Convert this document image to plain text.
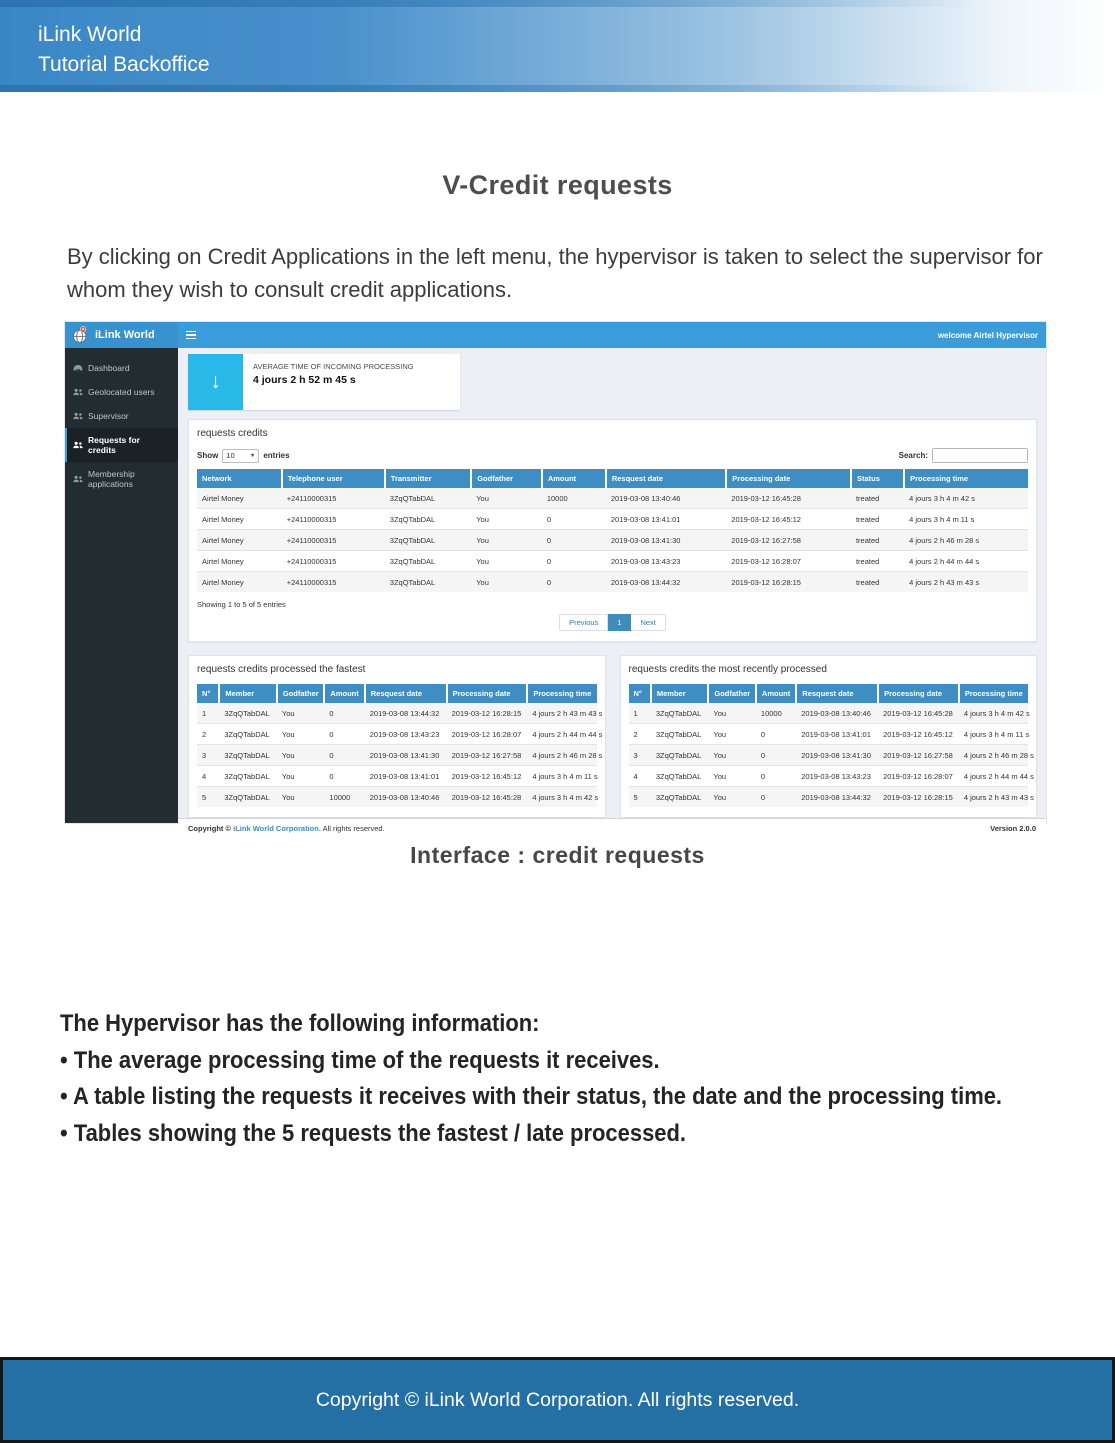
iLink World
Tutorial Backoffice
V-Credit requests
By clicking on Credit Applications in the left menu, the hypervisor is taken to select the supervisor for whom they wish to consult credit applications.
iLink World	welcome Airtel Hypervisor
Dashboard
Geolocated users
Supervisor
Requests for credits
Membership applications
↓
AVERAGE TIME OF INCOMING PROCESSING
4 jours 2 h 52 m 45 s
requests credits
Show 10	▼ entries	Search:
Network	Telephone user	Transmitter	Godfather	Amount	Resquest date	Processing date	Status	Processing time
Airtel Money	+24110000315	3ZqQTabDAL	You	10000	2019-03-08 13:40:46	2019-03-12 16:45:28	treated	4 jours 3 h 4 m 42 s
Airtel Money	+24110000315	3ZqQTabDAL	You	0	2019-03-08 13:41:01	2019-03-12 16:45:12	treated	4 jours 3 h 4 m 11 s
Airtel Money	+24110000315	3ZqQTabDAL	You	0	2019-03-08 13:41:30	2019-03-12 16:27:58	treated	4 jours 2 h 46 m 28 s
Airtel Money	+24110000315	3ZqQTabDAL	You	0	2019-03-08 13:43:23	2019-03-12 16:28:07	treated	4 jours 2 h 44 m 44 s
Airtel Money	+24110000315	3ZqQTabDAL	You	0	2019-03-08 13:44:32	2019-03-12 16:28:15	treated	4 jours 2 h 43 m 43 s
Showing 1 to 5 of 5 entries
Previous	1	Next
requests credits processed the fastest
N°	Member	Godfather	Amount	Resquest date	Processing date	Processing time
1	3ZqQTabDAL	You	0	2019-03-08 13:44:32	2019-03-12 16:28:15	4 jours 2 h 43 m 43 s
2	3ZqQTabDAL	You	0	2019-03-08 13:43:23	2019-03-12 16:28:07	4 jours 2 h 44 m 44 s
3	3ZqQTabDAL	You	0	2019-03-08 13:41:30	2019-03-12 16:27:58	4 jours 2 h 46 m 28 s
4	3ZqQTabDAL	You	0	2019-03-08 13:41:01	2019-03-12 16:45:12	4 jours 3 h 4 m 11 s
5	3ZqQTabDAL	You	10000	2019-03-08 13:40:46	2019-03-12 16:45:28	4 jours 3 h 4 m 42 s
requests credits the most recently processed
N°	Member	Godfather	Amount	Resquest date	Processing date	Processing time
1	3ZqQTabDAL	You	10000	2019-03-08 13:40:46	2019-03-12 16:45:28	4 jours 3 h 4 m 42 s
2	3ZqQTabDAL	You	0	2019-03-08 13:41:01	2019-03-12 16:45:12	4 jours 3 h 4 m 11 s
3	3ZqQTabDAL	You	0	2019-03-08 13:41:30	2019-03-12 16:27:58	4 jours 2 h 46 m 28 s
4	3ZqQTabDAL	You	0	2019-03-08 13:43:23	2019-03-12 16:28:07	4 jours 2 h 44 m 44 s
5	3ZqQTabDAL	You	0	2019-03-08 13:44:32	2019-03-12 16:28:15	4 jours 2 h 43 m 43 s
Copyright © iLink World Corporation. All rights reserved.	Version 2.0.0
Interface : credit requests
The Hypervisor has the following information:
• The average processing time of the requests it receives.
• A table listing the requests it receives with their status, the date and the processing time.
• Tables showing the 5 requests the fastest / late processed.
Copyright © iLink World Corporation. All rights reserved.
